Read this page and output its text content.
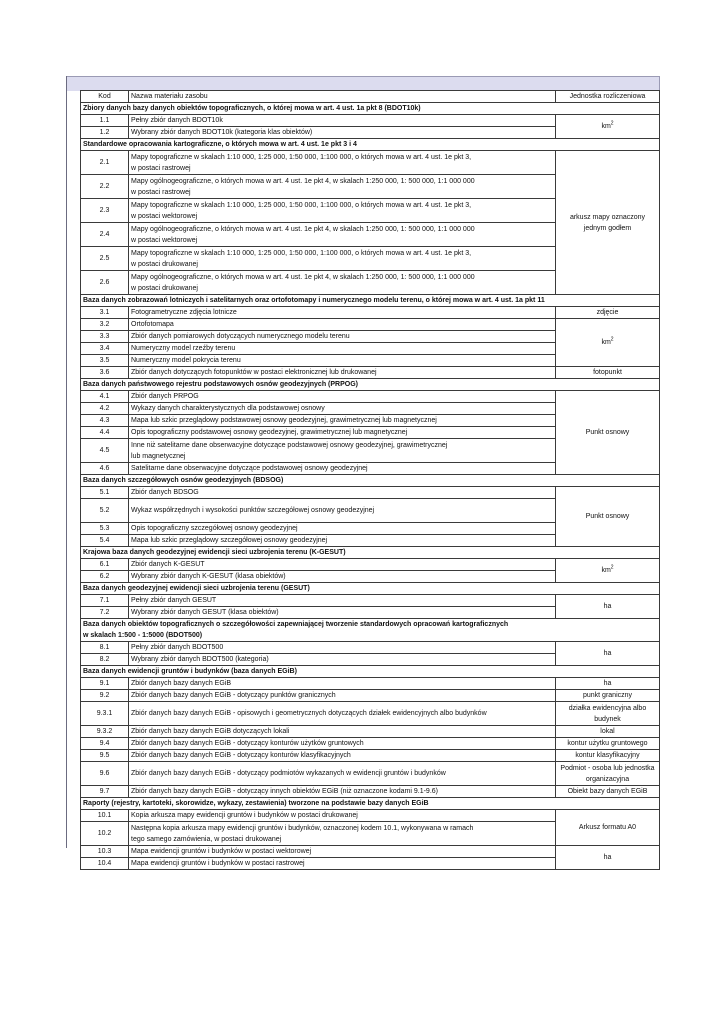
Kod	Nazwa materiału zasobu	Jednostka rozliczeniowa
Zbiory danych bazy danych obiektów topograficznych, o której mowa w art. 4 ust. 1a pkt 8 (BDOT10k)		
1.1	Pełny zbiór danych BDOT10k	$km^2$
1.2	Wybrany zbiór danych BDOT10k (kategoria klas obiektów)	
Standardowe opracowania kartograficzne, o których mowa w art. 4 ust. 1e pkt 3 i 4		
2.1	Mapy topograficzne w skalach 1:10 000, 1:25 000, 1:50 000, 1:100 000, o których mowa w art. 4 ust. 1e pkt 3,
w postaci rastrowej	arkusz mapy oznaczony jednym godłem
2.2	Mapy ogólnogeograficzne, o których mowa w art. 4 ust. 1e pkt 4, w skalach 1:250 000, 1: 500 000, 1:1 000 000
w postaci rastrowej	
2.3	Mapy topograficzne w skalach 1:10 000, 1:25 000, 1:50 000, 1:100 000, o których mowa w art. 4 ust. 1e pkt 3,
w postaci wektorowej	
2.4	Mapy ogólnogeograficzne, o których mowa w art. 4 ust. 1e pkt 4, w skalach 1:250 000, 1: 500 000, 1:1 000 000
w postaci wektorowej	
2.5	Mapy topograficzne w skalach 1:10 000, 1:25 000, 1:50 000, 1:100 000, o których mowa w art. 4 ust. 1e pkt 3,
w postaci drukowanej	
2.6	Mapy ogólnogeograficzne, o których mowa w art. 4 ust. 1e pkt 4, w skalach 1:250 000, 1: 500 000, 1:1 000 000
w postaci drukowanej	
Baza danych zobrazowań lotniczych i satelitarnych oraz ortofotomapy i numerycznego modelu terenu, o której mowa w art. 4 ust. 1a pkt 11		
3.1	Fotogrametryczne zdjęcia lotnicze	zdjęcie
3.2	Ortofotomapa	$km^2$
3.3	Zbiór danych pomiarowych dotyczących numerycznego modelu terenu	
3.4	Numeryczny model rzeźby terenu	
3.5	Numeryczny model pokrycia terenu	
3.6	Zbiór danych dotyczących fotopunktów w postaci elektronicznej lub drukowanej	fotopunkt
Baza danych państwowego rejestru podstawowych osnów geodezyjnych (PRPOG)		
4.1	Zbiór danych PRPOG	Punkt osnowy
4.2	Wykazy danych charakterystycznych dla podstawowej osnowy	
4.3	Mapa lub szkic przeglądowy podstawowej osnowy geodezyjnej, grawimetrycznej lub magnetycznej	
4.4	Opis topograficzny podstawowej osnowy geodezyjnej, grawimetrycznej lub magnetycznej	
4.5	Inne niż satelitarne dane obserwacyjne dotyczące podstawowej osnowy geodezyjnej, grawimetrycznej
lub magnetycznej	
4.6	Satelitarne dane obserwacyjne dotyczące podstawowej osnowy geodezyjnej	
Baza danych szczegółowych osnów geodezyjnych (BDSOG)		
5.1	Zbiór danych BDSOG	Punkt osnowy
5.2	Wykaz współrzędnych i wysokości punktów szczegółowej osnowy geodezyjnej	
5.3	Opis topograficzny szczegółowej osnowy geodezyjnej	
5.4	Mapa lub szkic przeglądowy szczegółowej osnowy geodezyjnej	
Krajowa baza danych geodezyjnej ewidencji sieci uzbrojenia terenu (K-GESUT)		
6.1	Zbiór danych K-GESUT	$km^2$
6.2	Wybrany zbiór danych K-GESUT (klasa obiektów)	
Baza danych geodezyjnej ewidencji sieci uzbrojenia terenu (GESUT)		
7.1	Pełny zbiór danych GESUT	ha
7.2	Wybrany zbiór danych GESUT (klasa obiektów)	
Baza danych obiektów topograficznych o szczegółowości zapewniającej tworzenie standardowych opracowań kartograficznych
w skalach 1:500 - 1:5000 (BDOT500)		
8.1	Pełny zbiór danych BDOT500	ha
8.2	Wybrany zbiór danych BDOT500 (kategoria)	
Baza danych ewidencji gruntów i budynków (baza danych EGiB)		
9.1	Zbiór danych bazy danych EGiB	ha
9.2	Zbiór danych bazy danych EGiB - dotyczący punktów granicznych	punkt graniczny
9.3.1	Zbiór danych bazy danych EGiB - opisowych i geometrycznych dotyczących działek ewidencyjnych albo budynków	działka ewidencyjna albo budynek
9.3.2	Zbiór danych bazy danych EGiB dotyczących lokali	lokal
9.4	Zbiór danych bazy danych EGiB - dotyczący konturów użytków gruntowych	kontur użytku gruntowego
9.5	Zbiór danych bazy danych EGiB - dotyczący konturów klasyfikacyjnych	kontur klasyfikacyjny
9.6	Zbiór danych bazy danych EGiB - dotyczący podmiotów wykazanych w ewidencji gruntów i budynków	Podmiot - osoba lub jednostka organizacyjna
9.7	Zbiór danych bazy danych EGiB - dotyczący innych obiektów EGiB (niż oznaczone kodami 9.1-9.6)	Obiekt bazy danych EGiB
Raporty (rejestry, kartoteki, skorowidze, wykazy, zestawienia) tworzone na podstawie bazy danych EGiB		
10.1	Kopia arkusza mapy ewidencji gruntów i budynków w postaci drukowanej	Arkusz formatu A0
10.2	Następna kopia arkusza mapy ewidencji gruntów i budynków, oznaczonej kodem 10.1, wykonywana w ramach
tego samego zamówienia, w postaci drukowanej	
10.3	Mapa ewidencji gruntów i budynków w postaci wektorowej	ha
10.4	Mapa ewidencji gruntów i budynków w postaci rastrowej	
